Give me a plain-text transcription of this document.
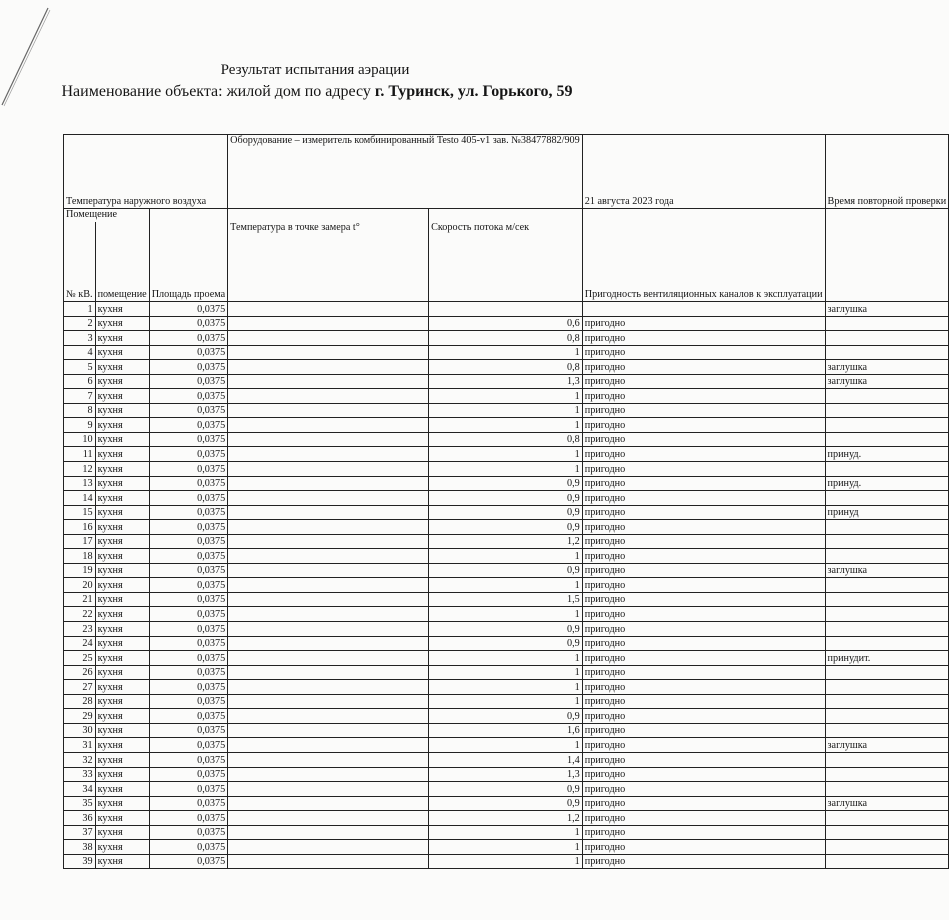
Результат испытания аэрации
Наименование объекта: жилой дом по адресу г. Туринск, ул. Горького, 59
Температура наружного воздуха			Оборудование – измеритель комбинированный Testo 405-v1 зав. №38477882/909		21 августа 2023 года	Время повторной проверки
Помещение						
№ кВ.	помещение	Площадь проема	Температура в точке замера t°	Скорость потока м/сек	Пригодность вентиляционных каналов к эксплуатации	
1	кухня	0,0375				заглушка
2	кухня	0,0375		0,6	пригодно	
3	кухня	0,0375		0,8	пригодно	
4	кухня	0,0375		1	пригодно	
5	кухня	0,0375		0,8	пригодно	заглушка
6	кухня	0,0375		1,3	пригодно	заглушка
7	кухня	0,0375		1	пригодно	
8	кухня	0,0375		1	пригодно	
9	кухня	0,0375		1	пригодно	
10	кухня	0,0375		0,8	пригодно	
11	кухня	0,0375		1	пригодно	принуд.
12	кухня	0,0375		1	пригодно	
13	кухня	0,0375		0,9	пригодно	принуд.
14	кухня	0,0375		0,9	пригодно	
15	кухня	0,0375		0,9	пригодно	принуд
16	кухня	0,0375		0,9	пригодно	
17	кухня	0,0375		1,2	пригодно	
18	кухня	0,0375		1	пригодно	
19	кухня	0,0375		0,9	пригодно	заглушка
20	кухня	0,0375		1	пригодно	
21	кухня	0,0375		1,5	пригодно	
22	кухня	0,0375		1	пригодно	
23	кухня	0,0375		0,9	пригодно	
24	кухня	0,0375		0,9	пригодно	
25	кухня	0,0375		1	пригодно	принудит.
26	кухня	0,0375		1	пригодно	
27	кухня	0,0375		1	пригодно	
28	кухня	0,0375		1	пригодно	
29	кухня	0,0375		0,9	пригодно	
30	кухня	0,0375		1,6	пригодно	
31	кухня	0,0375		1	пригодно	заглушка
32	кухня	0,0375		1,4	пригодно	
33	кухня	0,0375		1,3	пригодно	
34	кухня	0,0375		0,9	пригодно	
35	кухня	0,0375		0,9	пригодно	заглушка
36	кухня	0,0375		1,2	пригодно	
37	кухня	0,0375		1	пригодно	
38	кухня	0,0375		1	пригодно	
39	кухня	0,0375		1	пригодно	
